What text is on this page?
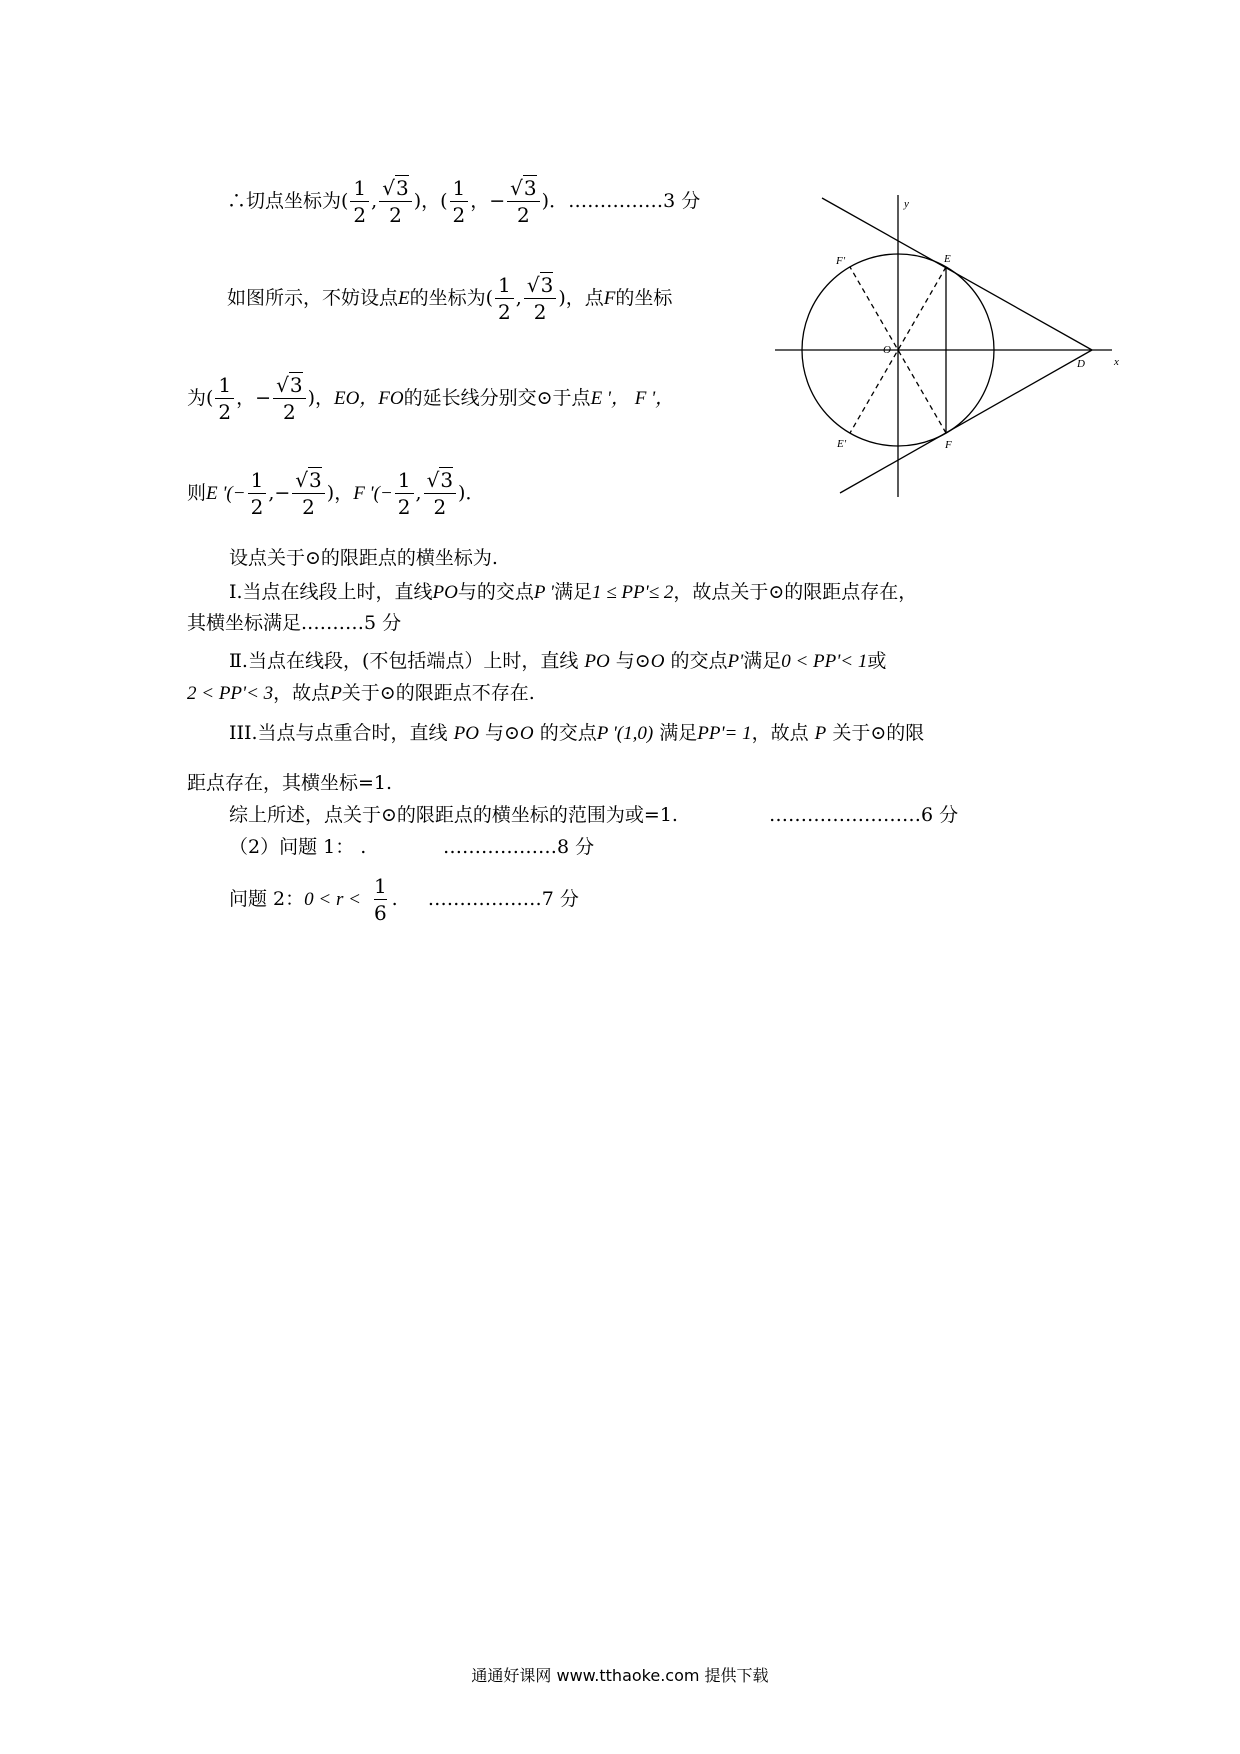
∴切点坐标为( $\frac{1}{2}$ , $\frac{√3}{2}$ )，( $\frac{1}{2}$ ，− $\frac{√3}{2}$ )．……………3 分
如图所示，不妨设点E的坐标为( $\frac{1}{2}$ , $\frac{√3}{2}$ )，点F的坐标
为( $\frac{1}{2}$ ，− $\frac{√3}{2}$ )，EO，FO的延长线分别交⊙于点E '， F '，
则E '(− $\frac{1}{2}$ ,− $\frac{√3}{2}$ )，F '(− $\frac{1}{2}$ , $\frac{√3}{2}$ )．
设点关于⊙的限距点的横坐标为.
Ⅰ.当点在线段上时，直线PO与的交点P '满足1 ≤ PP'≤ 2，故点关于⊙的限距点存在，
其横坐标满足.………5 分
Ⅱ.当点在线段，(不包括端点）上时，直线 PO 与⊙O 的交点P'满足0 < PP'< 1或
2 < PP'< 3，故点P关于⊙的限距点不存在.
III.当点与点重合时，直线 PO 与⊙O 的交点P '(1,0) 满足PP'= 1，故点 P 关于⊙的限
距点存在，其横坐标=1.
综上所述，点关于⊙的限距点的横坐标的范围为或=1.	……………………6 分
（2）问题 1： .	………………8 分
问题 2：$0 < r < \frac{1}{6}$ . ………………7 分
y
x
O
D
E
F
E'
F'
通通好课网 www.tthaoke.com 提供下载
